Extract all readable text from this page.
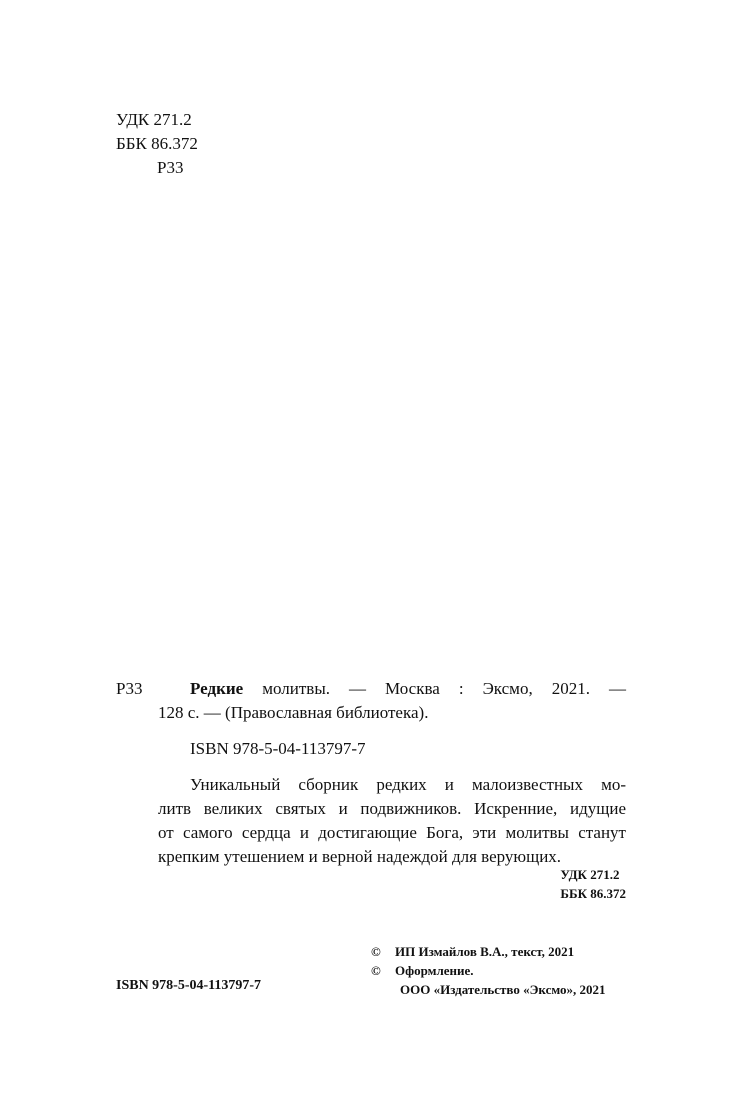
УДК 271.2
ББК 86.372
Р33
Р33	Редкие молитвы. — Москва : Эксмо, 2021. —

128 с. — (Православная библиотека).

ISBN 978-5-04-113797-7

Уникальный сборник редких и малоизвестных мо-
литв великих святых и подвижников. Искренние, идущие
от самого сердца и достигающие Бога, эти молитвы станут
крепким утешением и верной надеждой для верующих.

УДК 271.2
ББК 86.372
© ИП Измайлов В.А., текст, 2021
© Оформление.
ООО «Издательство «Эксмо», 2021
ISBN 978-5-04-113797-7
